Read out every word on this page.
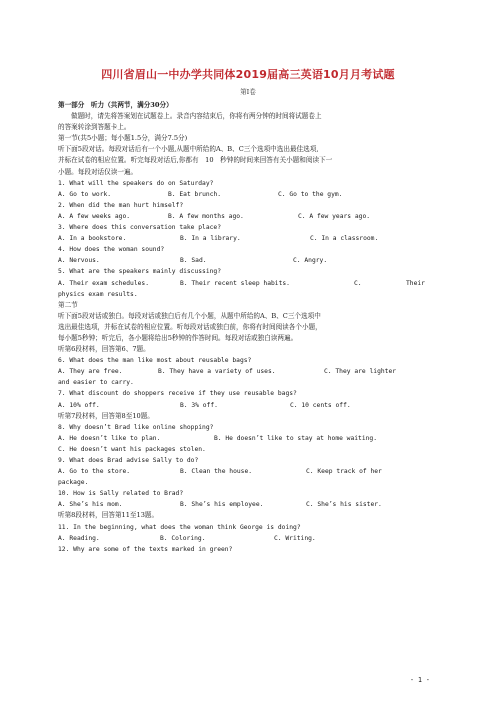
四川省眉山一中办学共同体2019届高三英语10月月考试题
第Ⅰ卷
第一部分　听力（共两节，满分30分）
做题时，请先将答案划在试题卷上。录音内容结束后，你将有两分钟的时间将试题卷上
的答案转涂到答题卡上。
第一节(共5小题；每小题1.5分，满分7.5分)
听下面5段对话。每段对话后有一个小题,从题中所给的A、B、C三个选项中选出最佳选项,
并标在试卷的相应位置。听完每段对话后,你都有　10　秒钟的时间来回答有关小题和阅读下一
小题。每段对话仅读一遍。
1. What will the speakers do on Saturday?
A. Go to work.	B. Eat brunch.	C. Go to the gym.
2. When did the man hurt himself?
A. A few weeks ago.	B. A few months ago.	C. A few years ago.
3. Where does this conversation take place?
A. In a bookstore.	B. In a library.	C. In a classroom.
4. How does the woman sound?
A. Nervous.	B. Sad.	C. Angry.
5. What are the speakers mainly discussing?
A. Their exam schedules.	B. Their recent sleep habits.	C.	Their
physics exam results.
第二节
听下面5段对话或独白。每段对话或独白后有几个小题，从题中所给的A、B、C三个选项中
选出最佳选项，并标在试卷的相应位置。听每段对话或独白前，你将有时间阅读各个小题，
每小题5秒钟；听完后，各小题将给出5秒钟的作答时间。每段对话或独白读两遍。
听第6段材料，回答第6、7题。
6. What does the man like most about reusable bags?
A. They are free.	B. They have a variety of uses.	C. They are lighter
and easier to carry.
7. What discount do shoppers receive if they use reusable bags?
A. 10% off.	B. 3% off.	C. 10 cents off.
听第7段材料，回答第8至10题。
8. Why doesn’t Brad like online shopping?
A. He doesn’t like to plan.	B. He doesn’t like to stay at home waiting.
C. He doesn’t want his packages stolen.
9. What does Brad advise Sally to do?
A. Go to the store.	B. Clean the house.	C. Keep track of her
package.
10. How is Sally related to Brad?
A. She’s his mom.	B. She’s his employee.	C. She’s his sister.
听第8段材料，回答第11至13题。
11. In the beginning, what does the woman think George is doing?
A. Reading.	B. Coloring.	C. Writing.
12. Why are some of the texts marked in green?
- 1 -
